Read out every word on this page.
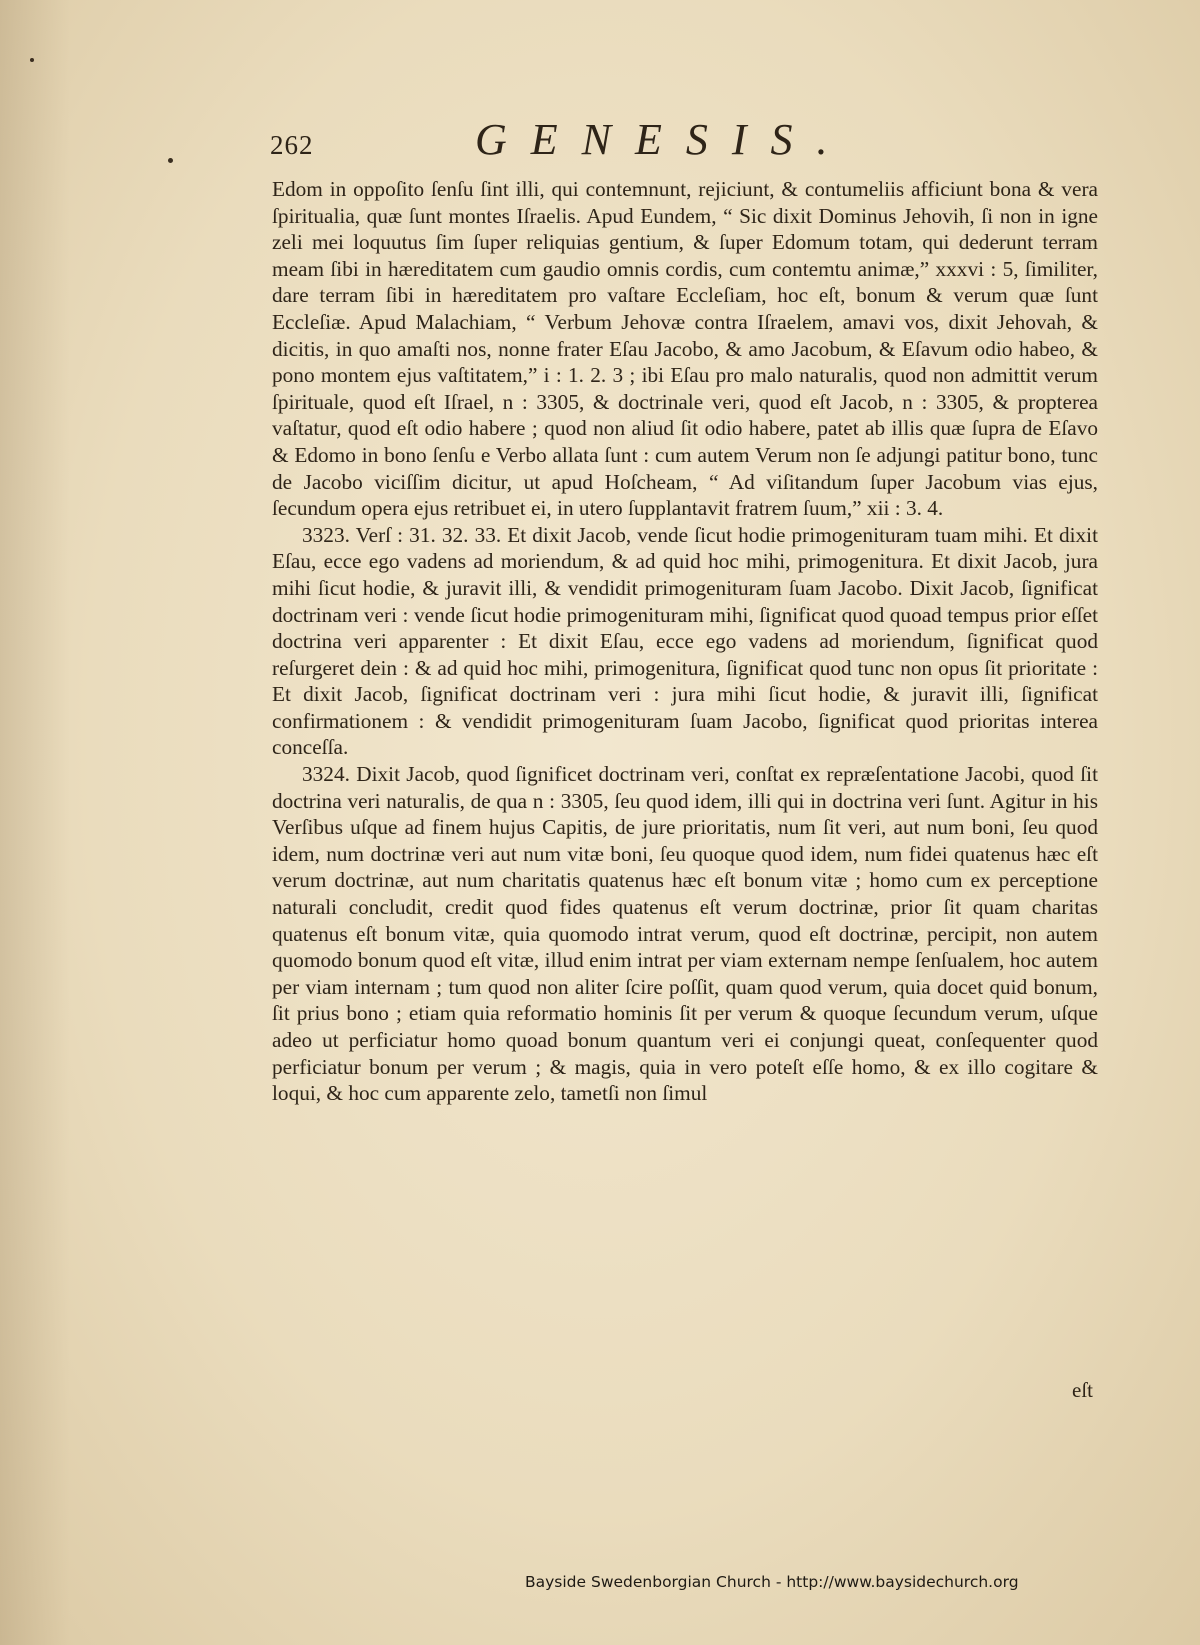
262	GENESIS.

Edom in oppoſito ſenſu ſint illi, qui contemnunt, rejiciunt, & contumeliis afficiunt bona & vera ſpiritualia, quæ ſunt montes Iſraelis. Apud Eundem, “ Sic dixit Dominus Jehovih, ſi non in igne zeli mei loquutus ſim ſuper reliquias gentium, & ſuper Edomum totam, qui dederunt terram meam ſibi in hæreditatem cum gaudio omnis cordis, cum contemtu animæ,” xxxvi : 5, ſimiliter, dare terram ſibi in hæreditatem pro vaſtare Eccleſiam, hoc eſt, bonum & verum quæ ſunt Eccleſiæ. Apud Malachiam, “ Verbum Jehovæ contra Iſraelem, amavi vos, dixit Jehovah, & dicitis, in quo amaſti nos, nonne frater Eſau Jacobo, & amo Jacobum, & Eſavum odio habeo, & pono montem ejus vaſtitatem,” i : 1. 2. 3 ; ibi Eſau pro malo naturalis, quod non admittit verum ſpirituale, quod eſt Iſrael, n : 3305, & doctrinale veri, quod eſt Jacob, n : 3305, & propterea vaſtatur, quod eſt odio habere ; quod non aliud ſit odio habere, patet ab illis quæ ſupra de Eſavo & Edomo in bono ſenſu e Verbo allata ſunt : cum autem Verum non ſe adjungi patitur bono, tunc de Jacobo viciſſim dicitur, ut apud Hoſcheam, “ Ad viſitandum ſuper Jacobum vias ejus, ſecundum opera ejus retribuet ei, in utero ſupplantavit fratrem ſuum,” xii : 3. 4.

3323. Verſ : 31. 32. 33. Et dixit Jacob, vende ſicut hodie primogenituram tuam mihi. Et dixit Eſau, ecce ego vadens ad moriendum, & ad quid hoc mihi, primogenitura. Et dixit Jacob, jura mihi ſicut hodie, & juravit illi, & vendidit primogenituram ſuam Jacobo. Dixit Jacob, ſignificat doctrinam veri : vende ſicut hodie primogenituram mihi, ſignificat quod quoad tempus prior eſſet doctrina veri apparenter : Et dixit Eſau, ecce ego vadens ad moriendum, ſignificat quod reſurgeret dein : & ad quid hoc mihi, primogenitura, ſignificat quod tunc non opus ſit prioritate : Et dixit Jacob, ſignificat doctrinam veri : jura mihi ſicut hodie, & juravit illi, ſignificat confirmationem : & vendidit primogenituram ſuam Jacobo, ſignificat quod prioritas interea conceſſa.

3324. Dixit Jacob, quod ſignificet doctrinam veri, conſtat ex repræſentatione Jacobi, quod ſit doctrina veri naturalis, de qua n : 3305, ſeu quod idem, illi qui in doctrina veri ſunt. Agitur in his Verſibus uſque ad finem hujus Capitis, de jure prioritatis, num ſit veri, aut num boni, ſeu quod idem, num doctrinæ veri aut num vitæ boni, ſeu quoque quod idem, num fidei quatenus hæc eſt verum doctrinæ, aut num charitatis quatenus hæc eſt bonum vitæ ; homo cum ex perceptione naturali concludit, credit quod fides quatenus eſt verum doctrinæ, prior ſit quam charitas quatenus eſt bonum vitæ, quia quomodo intrat verum, quod eſt doctrinæ, percipit, non autem quomodo bonum quod eſt vitæ, illud enim intrat per viam externam nempe ſenſualem, hoc autem per viam internam ; tum quod non aliter ſcire poſſit, quam quod verum, quia docet quid bonum, ſit prius bono ; etiam quia reformatio hominis ſit per verum & quoque ſecundum verum, uſque adeo ut perficiatur homo quoad bonum quantum veri ei conjungi queat, conſequenter quod perficiatur bonum per verum ; & magis, quia in vero poteſt eſſe homo, & ex illo cogitare & loqui, & hoc cum apparente zelo, tametſi non ſimul

eſt
Bayside Swedenborgian Church - http://www.baysidechurch.org
